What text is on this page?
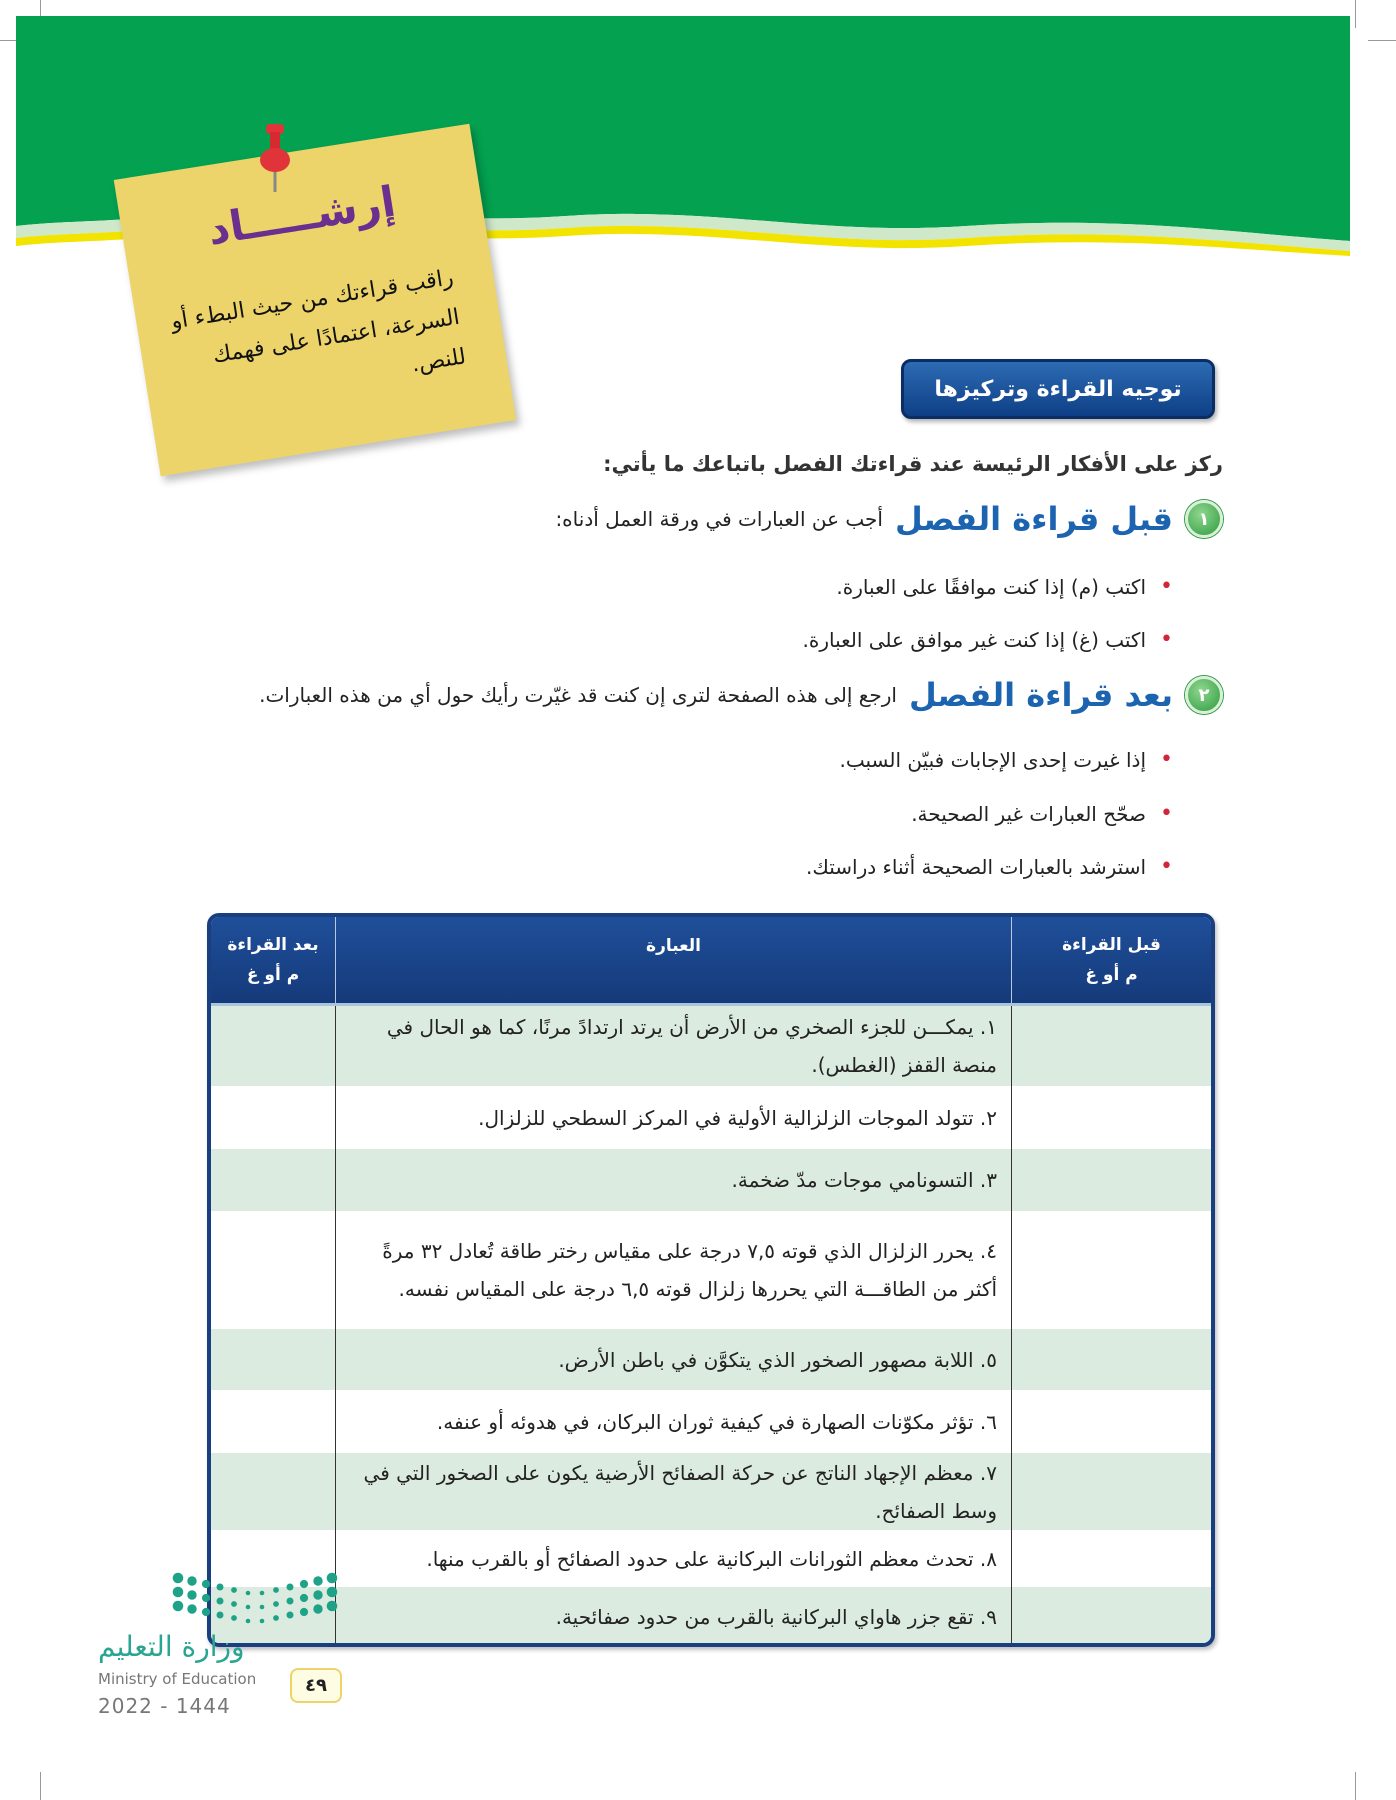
إرشـــــاد
راقب قراءتك من حيث البطء أو السرعة، اعتمادًا على فهمك للنص.
توجيه القراءة وتركيزها
ركز على الأفكار الرئيسة عند قراءتك الفصل باتباعك ما يأتي:
١
قبل قراءة الفصل
أجب عن العبارات في ورقة العمل أدناه:
•
اكتب (م) إذا كنت موافقًا على العبارة.
•
اكتب (غ) إذا كنت غير موافق على العبارة.
٢
بعد قراءة الفصل
ارجع إلى هذه الصفحة لترى إن كنت قد غيّرت رأيك حول أي من هذه العبارات.
•
إذا غيرت إحدى الإجابات فبيّن السبب.
•
صحّح العبارات غير الصحيحة.
•
استرشد بالعبارات الصحيحة أثناء دراستك.
قبل القراءة
م أو غ
العبارة
بعد القراءة
م أو غ
١. يمكـــن للجزء الصخري من الأرض أن يرتد ارتدادً مرنًا، كما هو الحال في منصة القفز (الغطس).
٢. تتولد الموجات الزلزالية الأولية في المركز السطحي للزلزال.
٣. التسونامي موجات مدّ ضخمة.
٤. يحرر الزلزال الذي قوته ٧,٥ درجة على مقياس رختر طاقة تُعادل ٣٢ مرةً أكثر من الطاقـــة التي يحررها زلزال قوته ٦,٥ درجة على المقياس نفسه.
٥. اللابة مصهور الصخور الذي يتكوَّن في باطن الأرض.
٦. تؤثر مكوّنات الصهارة في كيفية ثوران البركان، في هدوئه أو عنفه.
٧. معظم الإجهاد الناتج عن حركة الصفائح الأرضية يكون على الصخور التي في وسط الصفائح.
٨. تحدث معظم الثورانات البركانية على حدود الصفائح أو بالقرب منها.
٩. تقع جزر هاواي البركانية بالقرب من حدود صفائحية.
وزارة التعليم
Ministry of Education
2022 - 1444
٤٩
